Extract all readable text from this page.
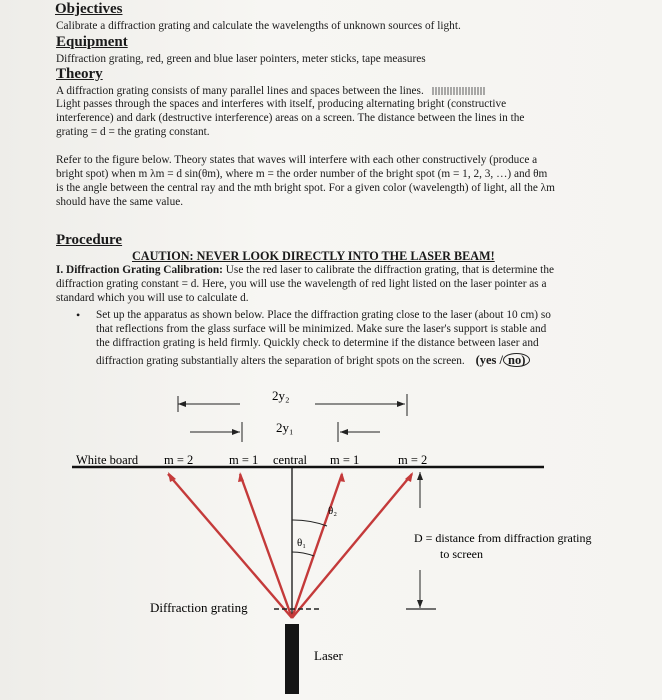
Objectives
Calibrate a diffraction grating and calculate the wavelengths of unknown sources of light.
Equipment
Diffraction grating, red, green and blue laser pointers, meter sticks, tape measures
Theory
A diffraction grating consists of many parallel lines and spaces between the lines.
Light passes through the spaces and interferes with itself, producing alternating bright (constructive
interference) and dark (destructive interference) areas on a screen. The distance between the lines in the
grating = d = the grating constant.
Refer to the figure below. Theory states that waves will interfere with each other constructively (produce a
bright spot) when m λm = d sin(θm), where m = the order number of the bright spot (m = 1, 2, 3, …) and θm
is the angle between the central ray and the mth bright spot. For a given color (wavelength) of light, all the λm
should have the same value.
Procedure
CAUTION: NEVER LOOK DIRECTLY INTO THE LASER BEAM!
I. Diffraction Grating Calibration: Use the red laser to calibrate the diffraction grating, that is determine the
diffraction grating constant = d. Here, you will use the wavelength of red light listed on the laser pointer as a
standard which you will use to calculate d.
• Set up the apparatus as shown below. Place the diffraction grating close to the laser (about 10 cm) so
that reflections from the glass surface will be minimized. Make sure the laser's support is stable and
the diffraction grating is held firmly. Quickly check to determine if the distance between laser and
diffraction grating substantially alters the separation of bright spots on the screen. (yes / no)
2y₂
2y₁
White board m = 2	m = 1 central m = 1	m = 2
θ₂
θ₁	D = distance from diffraction grating
to screen
Diffraction grating
Laser
